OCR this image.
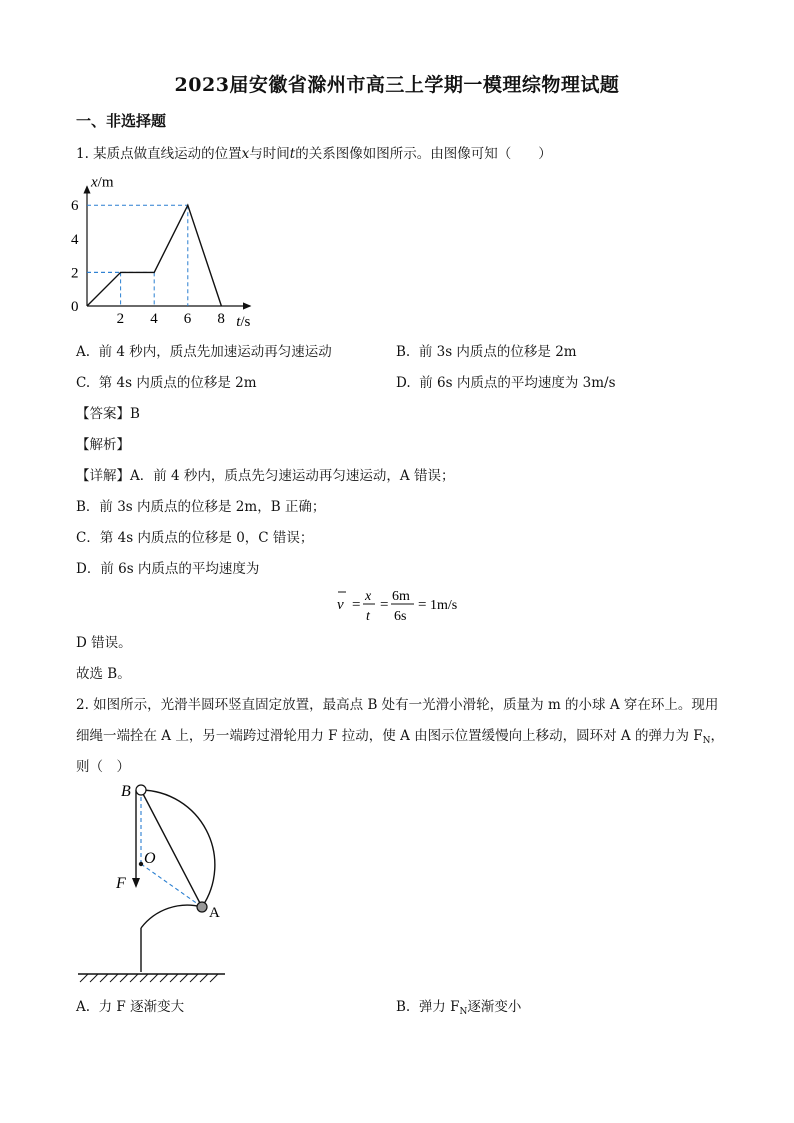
2023届安徽省滁州市高三上学期一模理综物理试题
一、非选择题
1. 某质点做直线运动的位置x与时间t的关系图像如图所示。由图像可知（　　）
2 4 6 8
2
4
6
0
x/m
t/s
A. 前 4 秒内，质点先加速运动再匀速运动	B. 前 3s 内质点的位移是 2m
C. 第 4s 内质点的位移是 2m	D. 前 6s 内质点的平均速度为 3m/s
【答案】B
【解析】
【详解】A．前 4 秒内，质点先匀速运动再匀速运动，A 错误；
B．前 3s 内质点的位移是 2m，B 正确；
C．第 4s 内质点的位移是 0，C 错误；
D．前 6s 内质点的平均速度为
v =
x
t
=
6m
6s
= 1m/s
D 错误。
故选 B。
2. 如图所示，光滑半圆环竖直固定放置，最高点 B 处有一光滑小滑轮，质量为 m 的小球 A 穿在环上。现用
细绳一端拴在 A 上，另一端跨过滑轮用力 F 拉动，使 A 由图示位置缓慢向上移动，圆环对 A 的弹力为 $F_N$，
则（　）
B
O
F
A
A. 力 F 逐渐变大	B. 弹力 $F_N$逐渐变小
